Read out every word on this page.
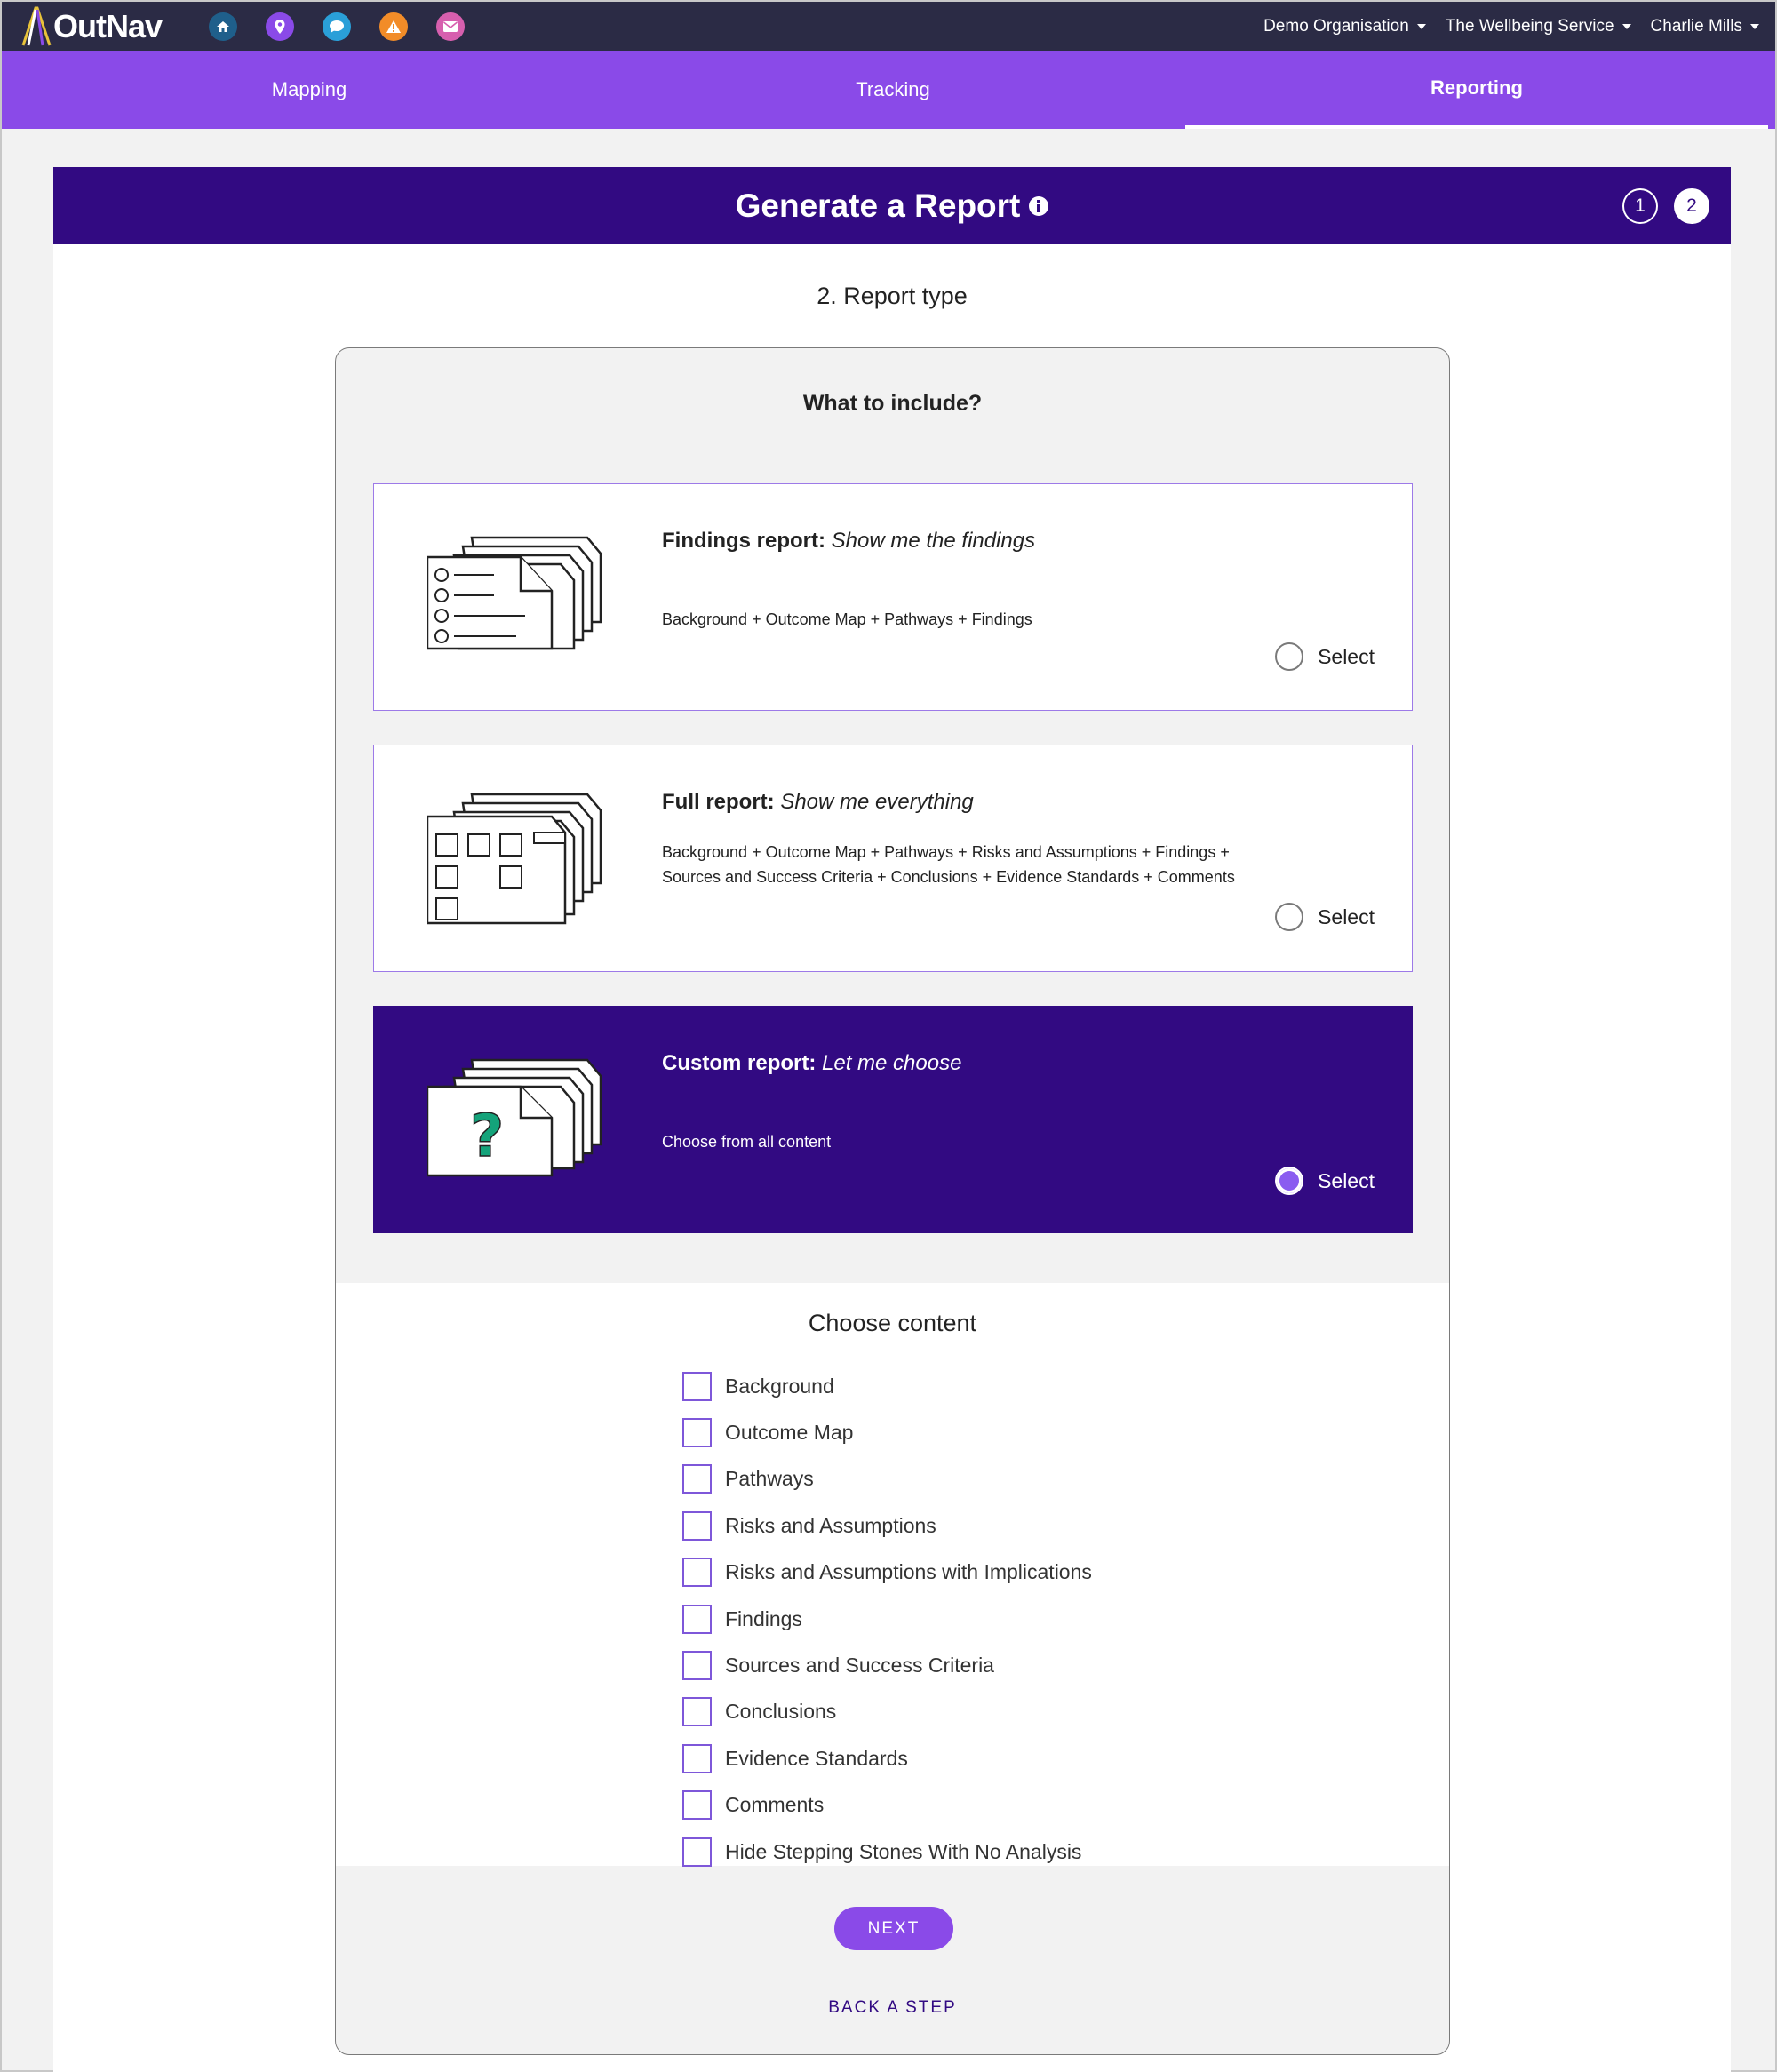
OutNav	Demo Organisation The Wellbeing Service Charlie Mills
Mapping	Tracking	Reporting
Generate a Report	1	2
2. Report type
What to include?
Findings report: Show me the findings
Background + Outcome Map + Pathways + Findings
Select
Full report: Show me everything
Background + Outcome Map + Pathways + Risks and Assumptions + Findings +
Sources and Success Criteria + Conclusions + Evidence Standards + Comments
Select
?
Custom report: Let me choose
Choose from all content
Select
Choose content
Background
Outcome Map
Pathways
Risks and Assumptions
Risks and Assumptions with Implications
Findings
Sources and Success Criteria
Conclusions
Evidence Standards
Comments
Hide Stepping Stones With No Analysis
NEXT
BACK A STEP
